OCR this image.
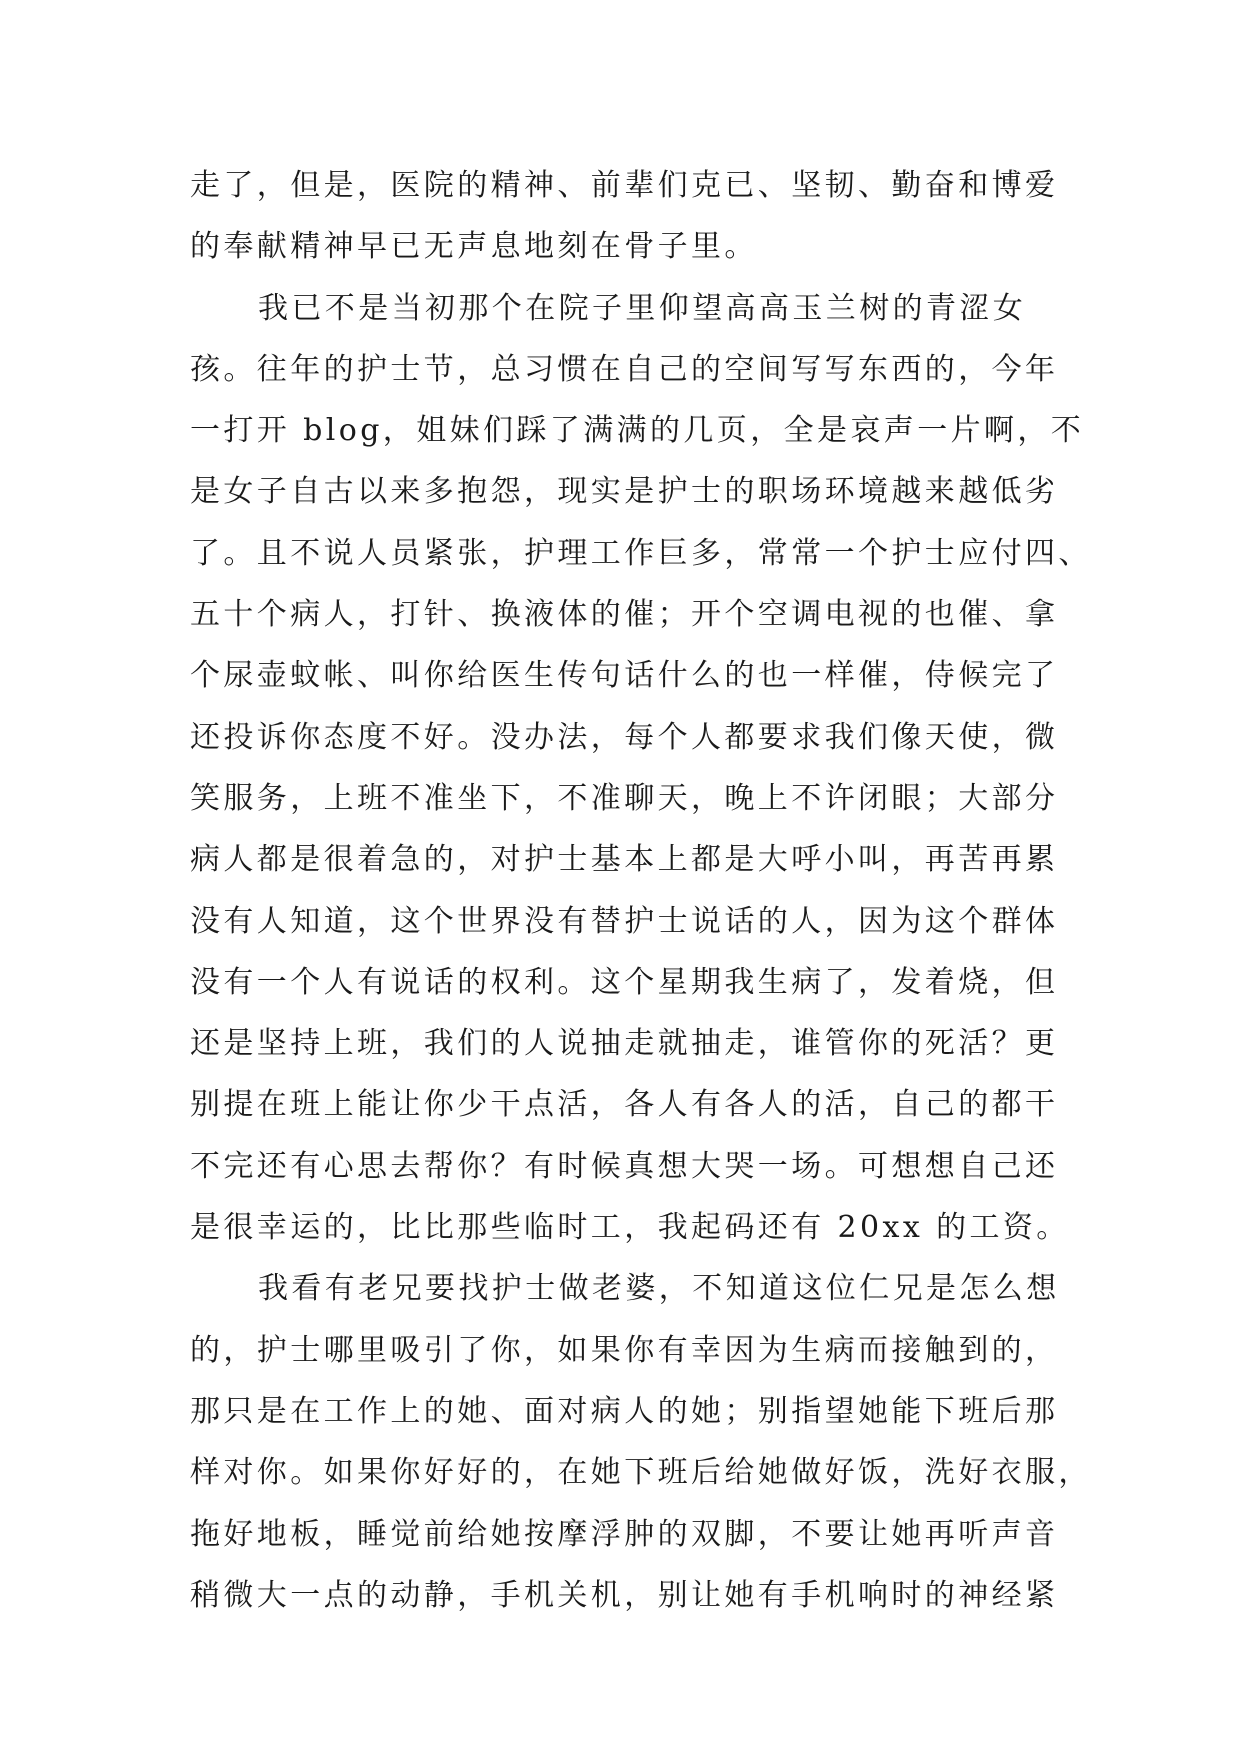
走了，但是，医院的精神、前辈们克已、坚韧、勤奋和博爱
的奉献精神早已无声息地刻在骨子里。
我已不是当初那个在院子里仰望高高玉兰树的青涩女
孩。往年的护士节，总习惯在自己的空间写写东西的，今年
一打开 blog，姐妹们踩了满满的几页，全是哀声一片啊，不
是女子自古以来多抱怨，现实是护士的职场环境越来越低劣
了。且不说人员紧张，护理工作巨多，常常一个护士应付四、
五十个病人，打针、换液体的催；开个空调电视的也催、拿
个尿壶蚊帐、叫你给医生传句话什么的也一样催，侍候完了
还投诉你态度不好。没办法，每个人都要求我们像天使，微
笑服务，上班不准坐下，不准聊天，晚上不许闭眼；大部分
病人都是很着急的，对护士基本上都是大呼小叫，再苦再累
没有人知道，这个世界没有替护士说话的人，因为这个群体
没有一个人有说话的权利。这个星期我生病了，发着烧，但
还是坚持上班，我们的人说抽走就抽走，谁管你的死活？更
别提在班上能让你少干点活，各人有各人的活，自己的都干
不完还有心思去帮你？有时候真想大哭一场。可想想自己还
是很幸运的，比比那些临时工，我起码还有 20xx 的工资。
我看有老兄要找护士做老婆，不知道这位仁兄是怎么想
的，护士哪里吸引了你，如果你有幸因为生病而接触到的，
那只是在工作上的她、面对病人的她；别指望她能下班后那
样对你。如果你好好的，在她下班后给她做好饭，洗好衣服，
拖好地板，睡觉前给她按摩浮肿的双脚，不要让她再听声音
稍微大一点的动静，手机关机，别让她有手机响时的神经紧
